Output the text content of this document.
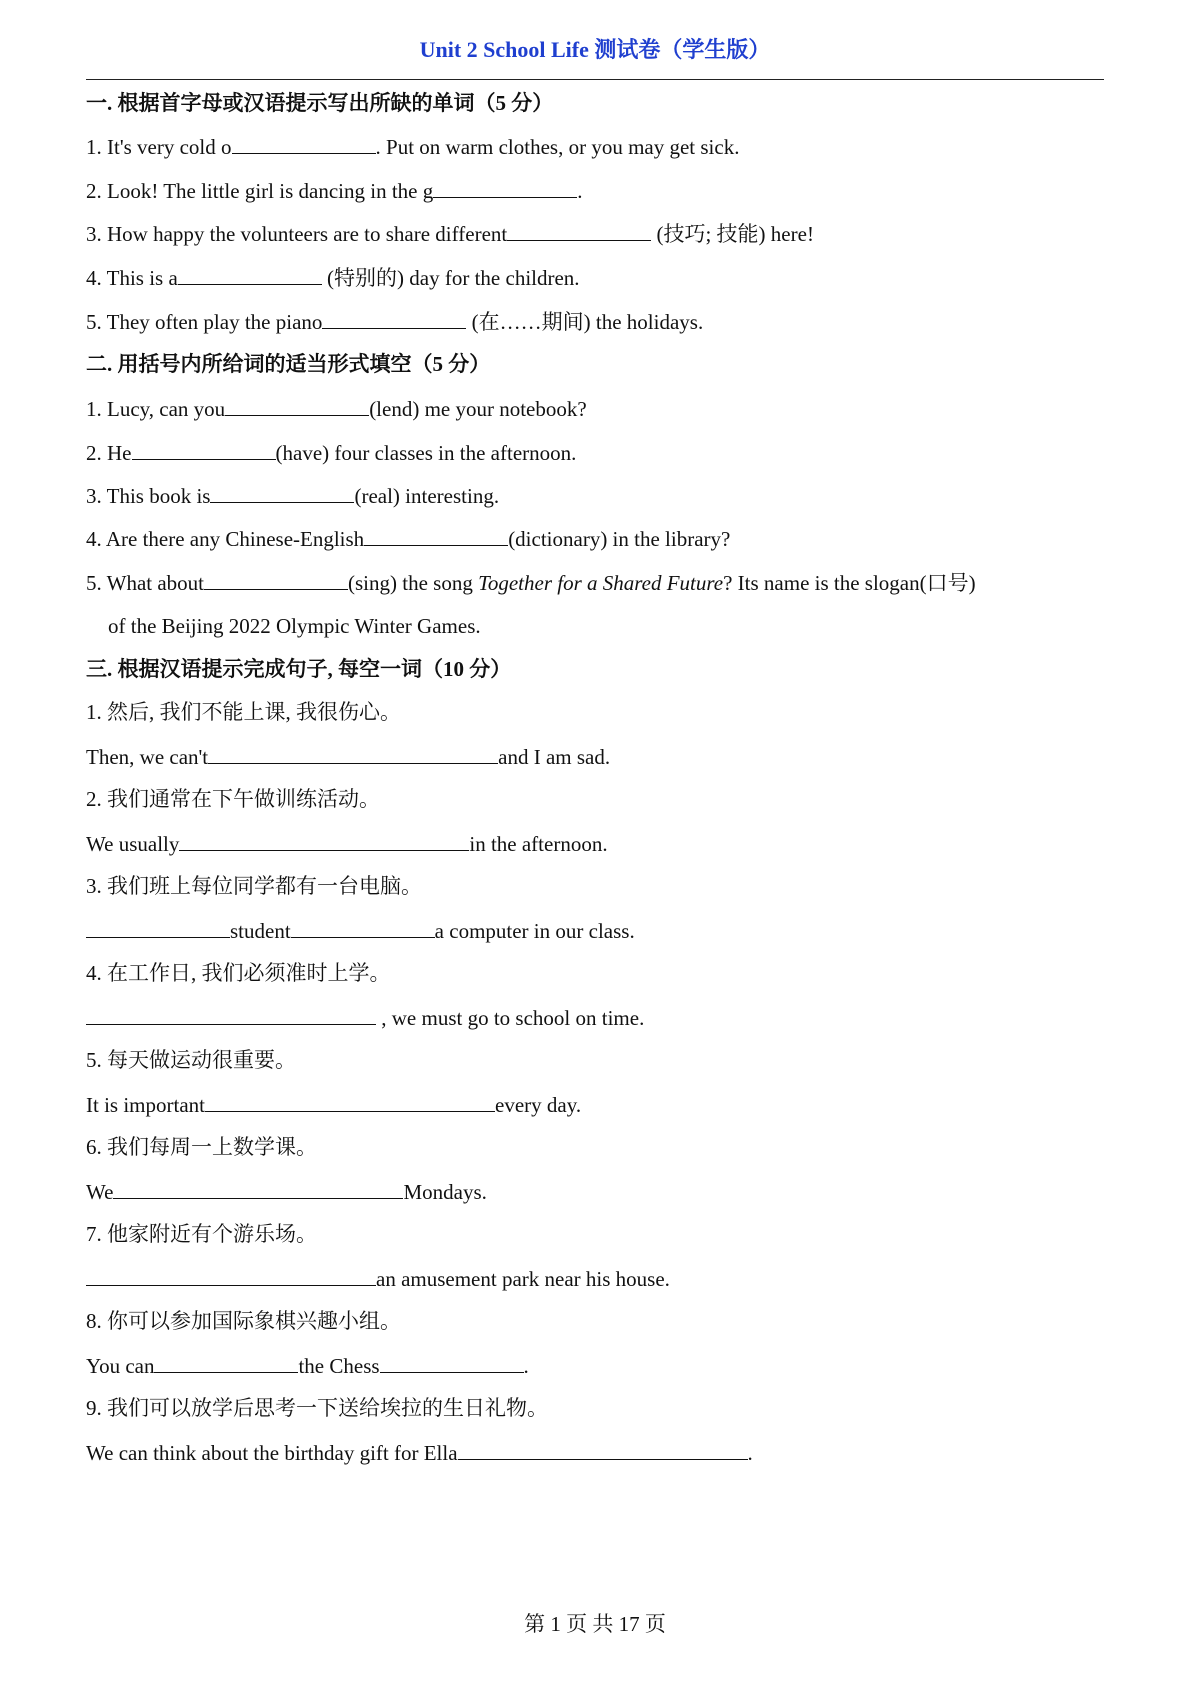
Unit 2 School Life 测试卷（学生版）
一. 根据首字母或汉语提示写出所缺的单词（5 分）
1. It's very cold o	. Put on warm clothes, or you may get sick.
2. Look! The little girl is dancing in the g	.
3. How happy the volunteers are to share different	(技巧; 技能) here!
4. This is a	(特别的) day for the children.
5. They often play the piano	(在……期间) the holidays.
二. 用括号内所给词的适当形式填空（5 分）
1. Lucy, can you	(lend) me your notebook?
2. He	(have) four classes in the afternoon.
3. This book is	(real) interesting.
4. Are there any Chinese-English	(dictionary) in the library?
5. What about	(sing) the song Together for a Shared Future? Its name is the slogan(口号)
of the Beijing 2022 Olympic Winter Games.
三. 根据汉语提示完成句子, 每空一词（10 分）
1. 然后, 我们不能上课, 我很伤心。
Then, we can't	and I am sad.
2. 我们通常在下午做训练活动。
We usually	in the afternoon.
3. 我们班上每位同学都有一台电脑。
student	a computer in our class.
4. 在工作日, 我们必须准时上学。
, we must go to school on time.
5. 每天做运动很重要。
It is important	every day.
6. 我们每周一上数学课。
We	Mondays.
7. 他家附近有个游乐场。
an amusement park near his house.
8. 你可以参加国际象棋兴趣小组。
You can	the Chess	.
9. 我们可以放学后思考一下送给埃拉的生日礼物。
We can think about the birthday gift for Ella	.
第 1 页 共 17 页
